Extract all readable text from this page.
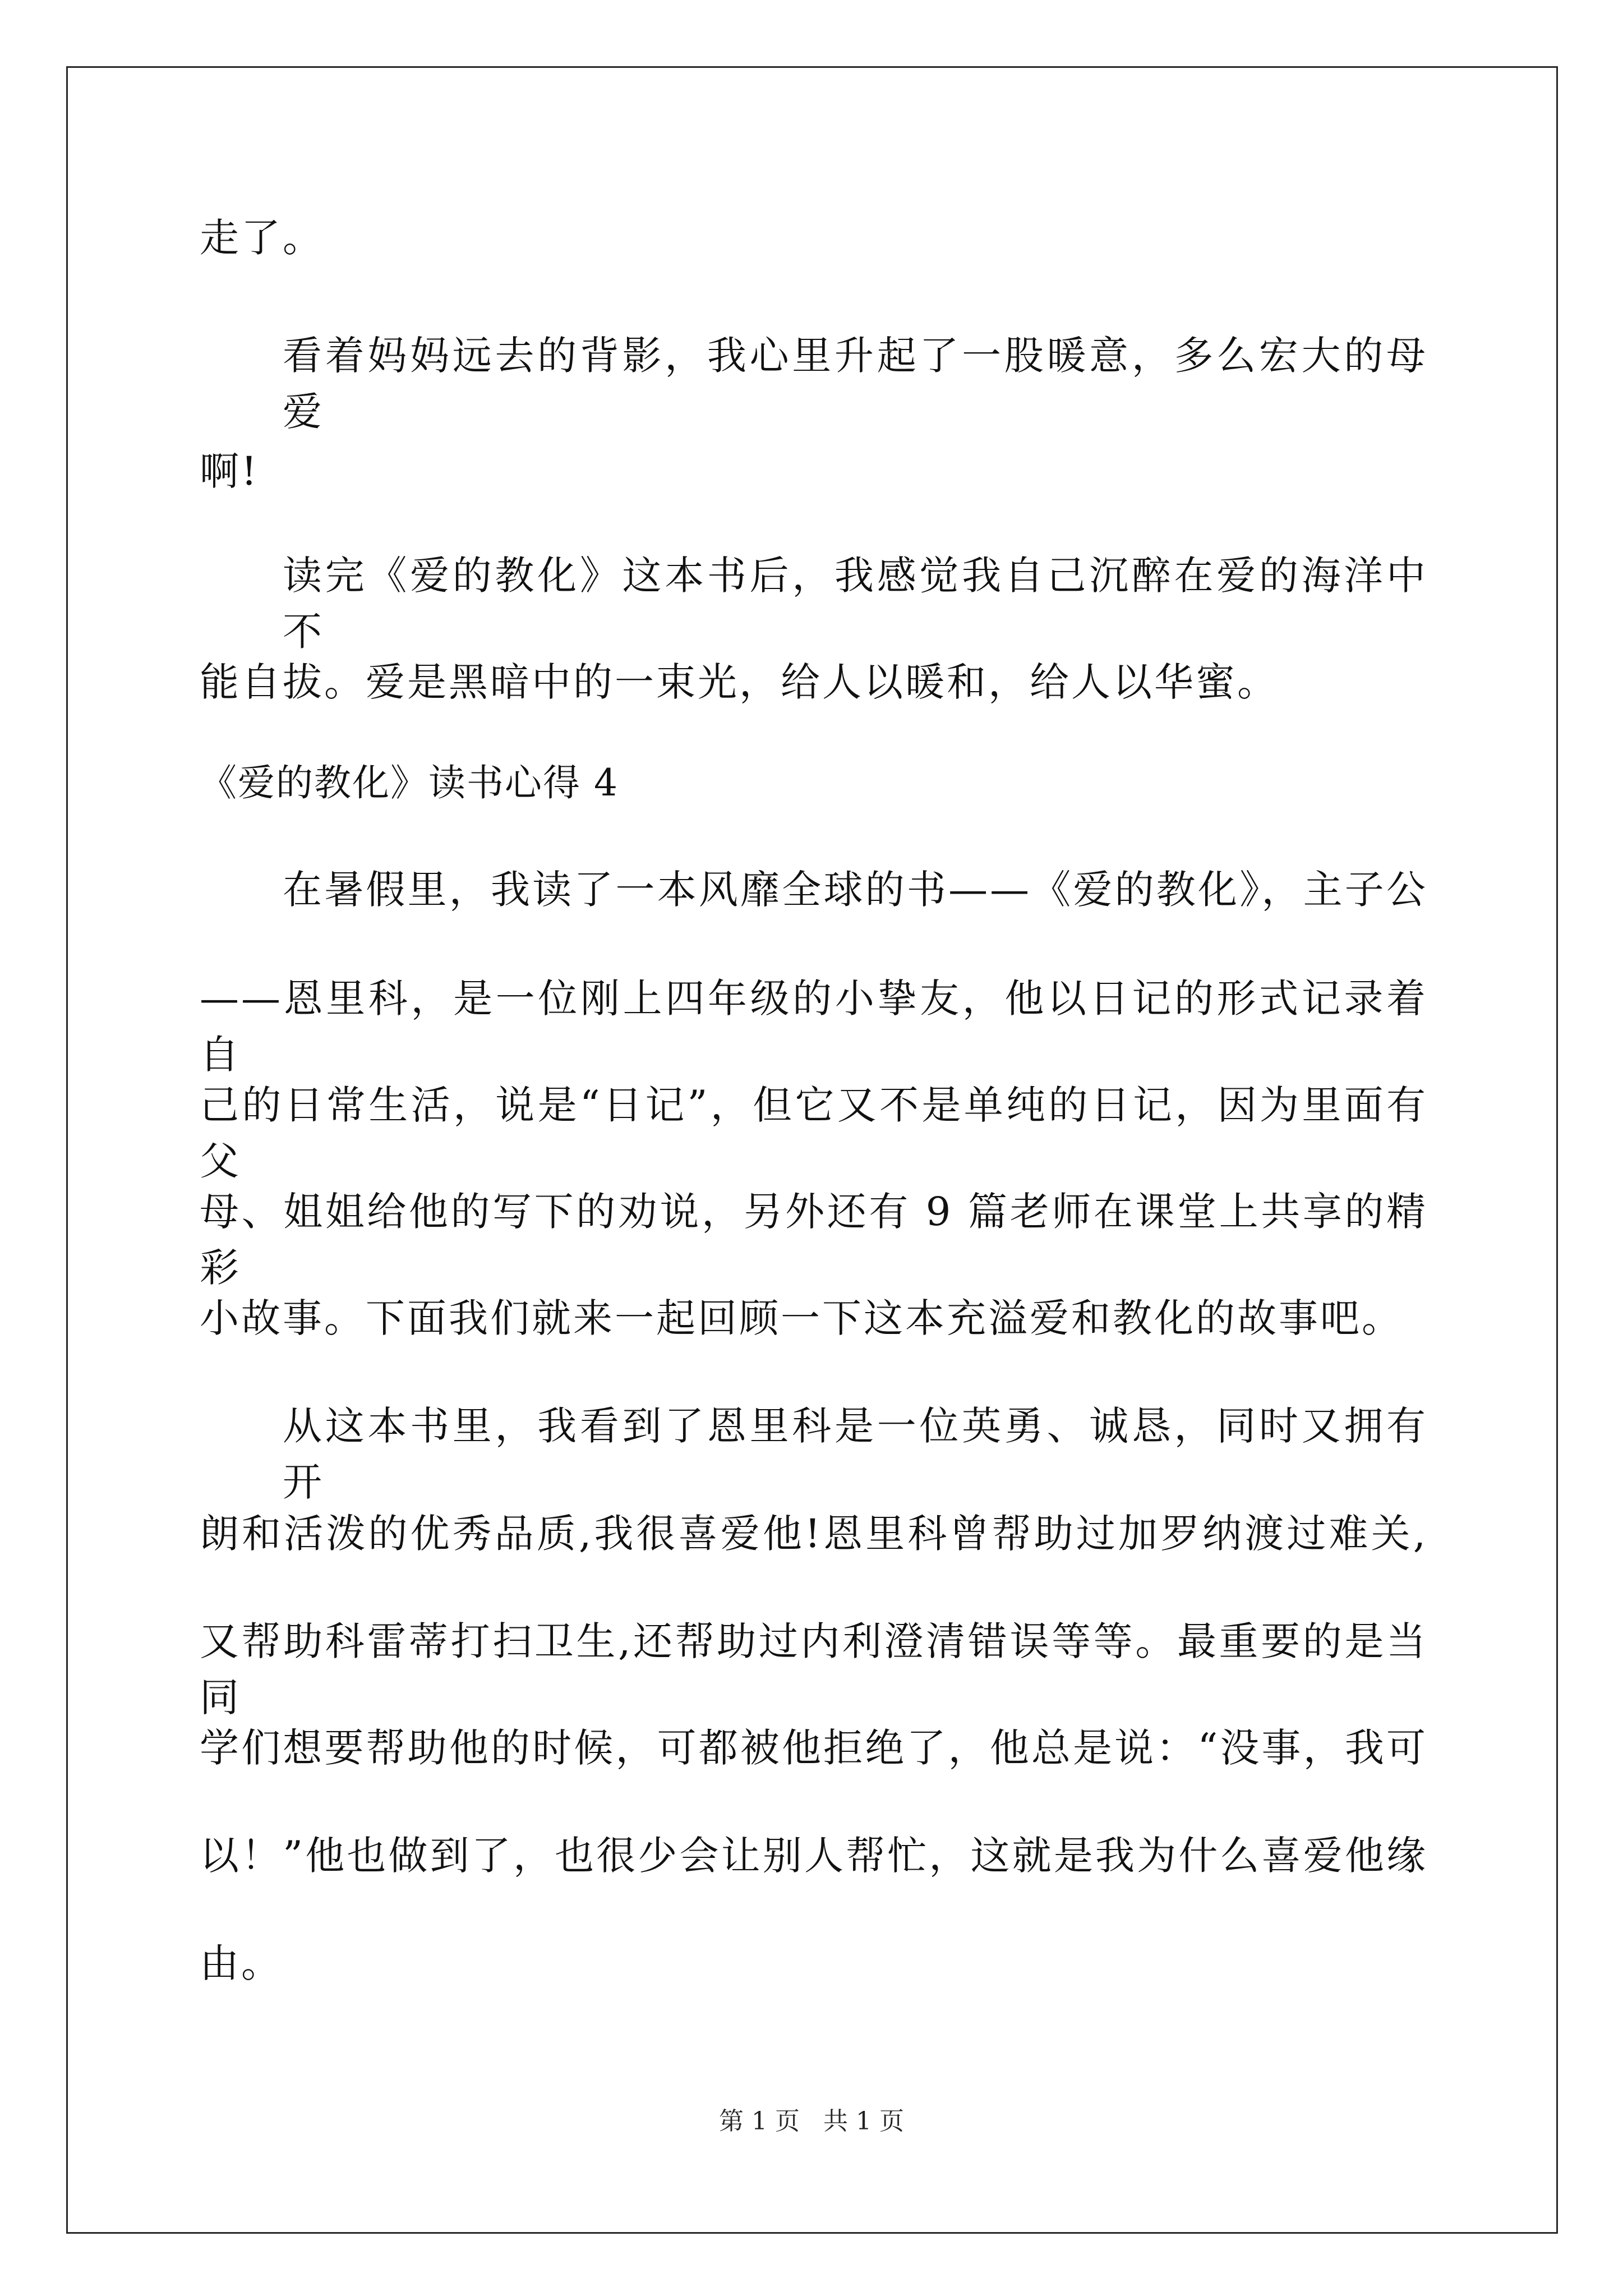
走了。
看着妈妈远去的背影，我心里升起了一股暖意，多么宏大的母爱
啊!
读完《爱的教化》这本书后，我感觉我自己沉醉在爱的海洋中不
能自拔。爱是黑暗中的一束光，给人以暖和，给人以华蜜。
《爱的教化》读书心得 4
在暑假里，我读了一本风靡全球的书——《爱的教化》，主子公
——恩里科，是一位刚上四年级的小挚友，他以日记的形式记录着自
己的日常生活，说是“日记”，但它又不是单纯的日记，因为里面有父
母、姐姐给他的写下的劝说，另外还有 9 篇老师在课堂上共享的精彩
小故事。下面我们就来一起回顾一下这本充溢爱和教化的故事吧。
从这本书里，我看到了恩里科是一位英勇、诚恳，同时又拥有开
朗和活泼的优秀品质,我很喜爱他!恩里科曾帮助过加罗纳渡过难关,
又帮助科雷蒂打扫卫生,还帮助过内利澄清错误等等。最重要的是当同
学们想要帮助他的时候，可都被他拒绝了，他总是说：“没事，我可
以！”他也做到了，也很少会让别人帮忙，这就是我为什么喜爱他缘
由。
第 1 页   共 1 页
